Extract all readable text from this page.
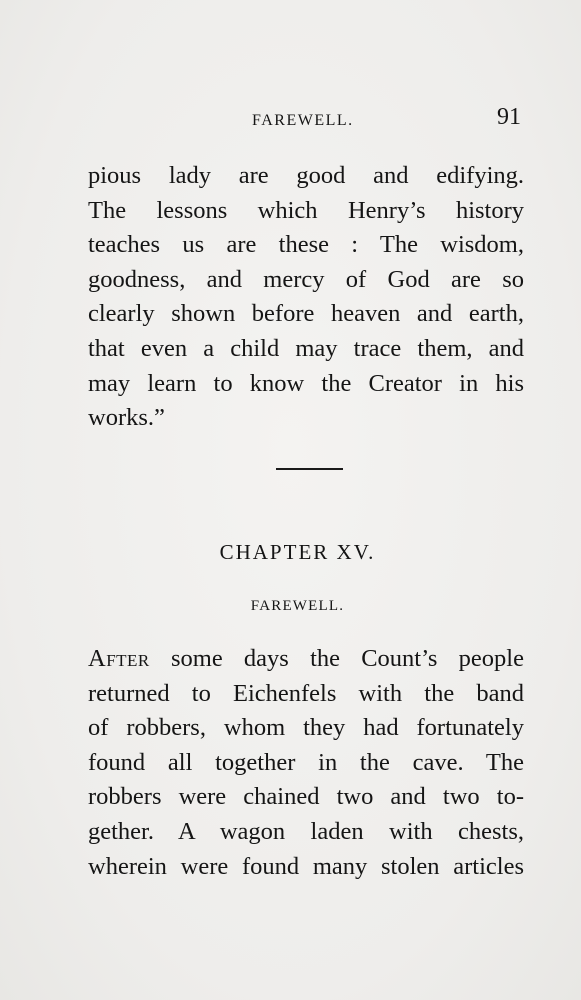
FAREWELL.	91
pious lady are good and edifying.
The lessons which Henry’s history
teaches us are these : The wisdom,
goodness, and mercy of God are so
clearly shown before heaven and earth,
that even a child may trace them, and
may learn to know the Creator in his
works.”
CHAPTER XV.
FAREWELL.
After some days the Count’s people
returned to Eichenfels with the band
of robbers, whom they had fortunately
found all together in the cave. The
robbers were chained two and two to-
gether. A wagon laden with chests,
wherein were found many stolen articles
